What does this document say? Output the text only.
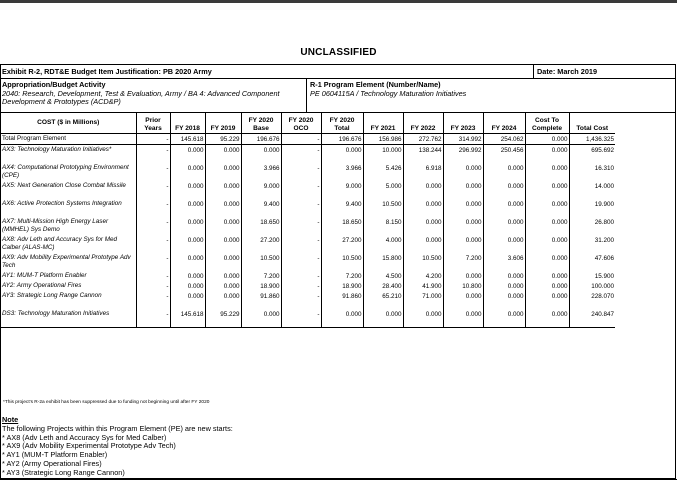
UNCLASSIFIED
Exhibit R-2, RDT&E Budget Item Justification: PB 2020 Army	Date: March 2019
Appropriation/Budget Activity
2040: Research, Development, Test & Evaluation, Army / BA 4: Advanced Component Development & Prototypes (ACD&P)
R-1 Program Element (Number/Name)
PE 0604115A / Technology Maturation Initiatives
COST ($ in Millions)	Prior Years	FY 2018	FY 2019	FY 2020 Base	FY 2020 OCO	FY 2020 Total	FY 2021	FY 2022	FY 2023	FY 2024	Cost To Complete	Total Cost
Total Program Element	-	145.618	95.229	196.676	-	196.676	156.986	272.762	314.992	254.062	0.000	1,436.325
AX3: Technology Maturation Initiatives*	-	0.000	0.000	0.000	-	0.000	10.000	138.244	296.992	250.456	0.000	695.692
AX4: Computational Prototyping Environment (CPE)	-	0.000	0.000	3.966	-	3.966	5.426	6.918	0.000	0.000	0.000	16.310
AX5: Next Generation Close Combat Missile	-	0.000	0.000	9.000	-	9.000	5.000	0.000	0.000	0.000	0.000	14.000
AX6: Active Protection Systems Integration	-	0.000	0.000	9.400	-	9.400	10.500	0.000	0.000	0.000	0.000	19.900
AX7: Multi-Mission High Energy Laser (MMHEL) Sys Demo	-	0.000	0.000	18.650	-	18.650	8.150	0.000	0.000	0.000	0.000	26.800
AX8: Adv Leth and Accuracy Sys for Med Calber (ALAS-MC)	-	0.000	0.000	27.200	-	27.200	4.000	0.000	0.000	0.000	0.000	31.200
AX9: Adv Mobility Experimental Prototype Adv Tech	-	0.000	0.000	10.500	-	10.500	15.800	10.500	7.200	3.606	0.000	47.606
AY1: MUM-T Platform Enabler	-	0.000	0.000	7.200	-	7.200	4.500	4.200	0.000	0.000	0.000	15.900
AY2: Army Operational Fires	-	0.000	0.000	18.900	-	18.900	28.400	41.900	10.800	0.000	0.000	100.000
AY3: Strategic Long Range Cannon	-	0.000	0.000	91.860	-	91.860	65.210	71.000	0.000	0.000	0.000	228.070
DS3: Technology Maturation Initiatives	-	145.618	95.229	0.000	-	0.000	0.000	0.000	0.000	0.000	0.000	240.847
*This project's R-2a exhibit has been suppressed due to funding not beginning until after FY 2020
Note
The following Projects within this Program Element (PE) are new starts:
* AX8 (Adv Leth and Accuracy Sys for Med Calber)
* AX9 (Adv Mobility Experimental Prototype Adv Tech)
* AY1 (MUM-T Platform Enabler)
* AY2 (Army Operational Fires)
* AY3 (Strategic Long Range Cannon)
